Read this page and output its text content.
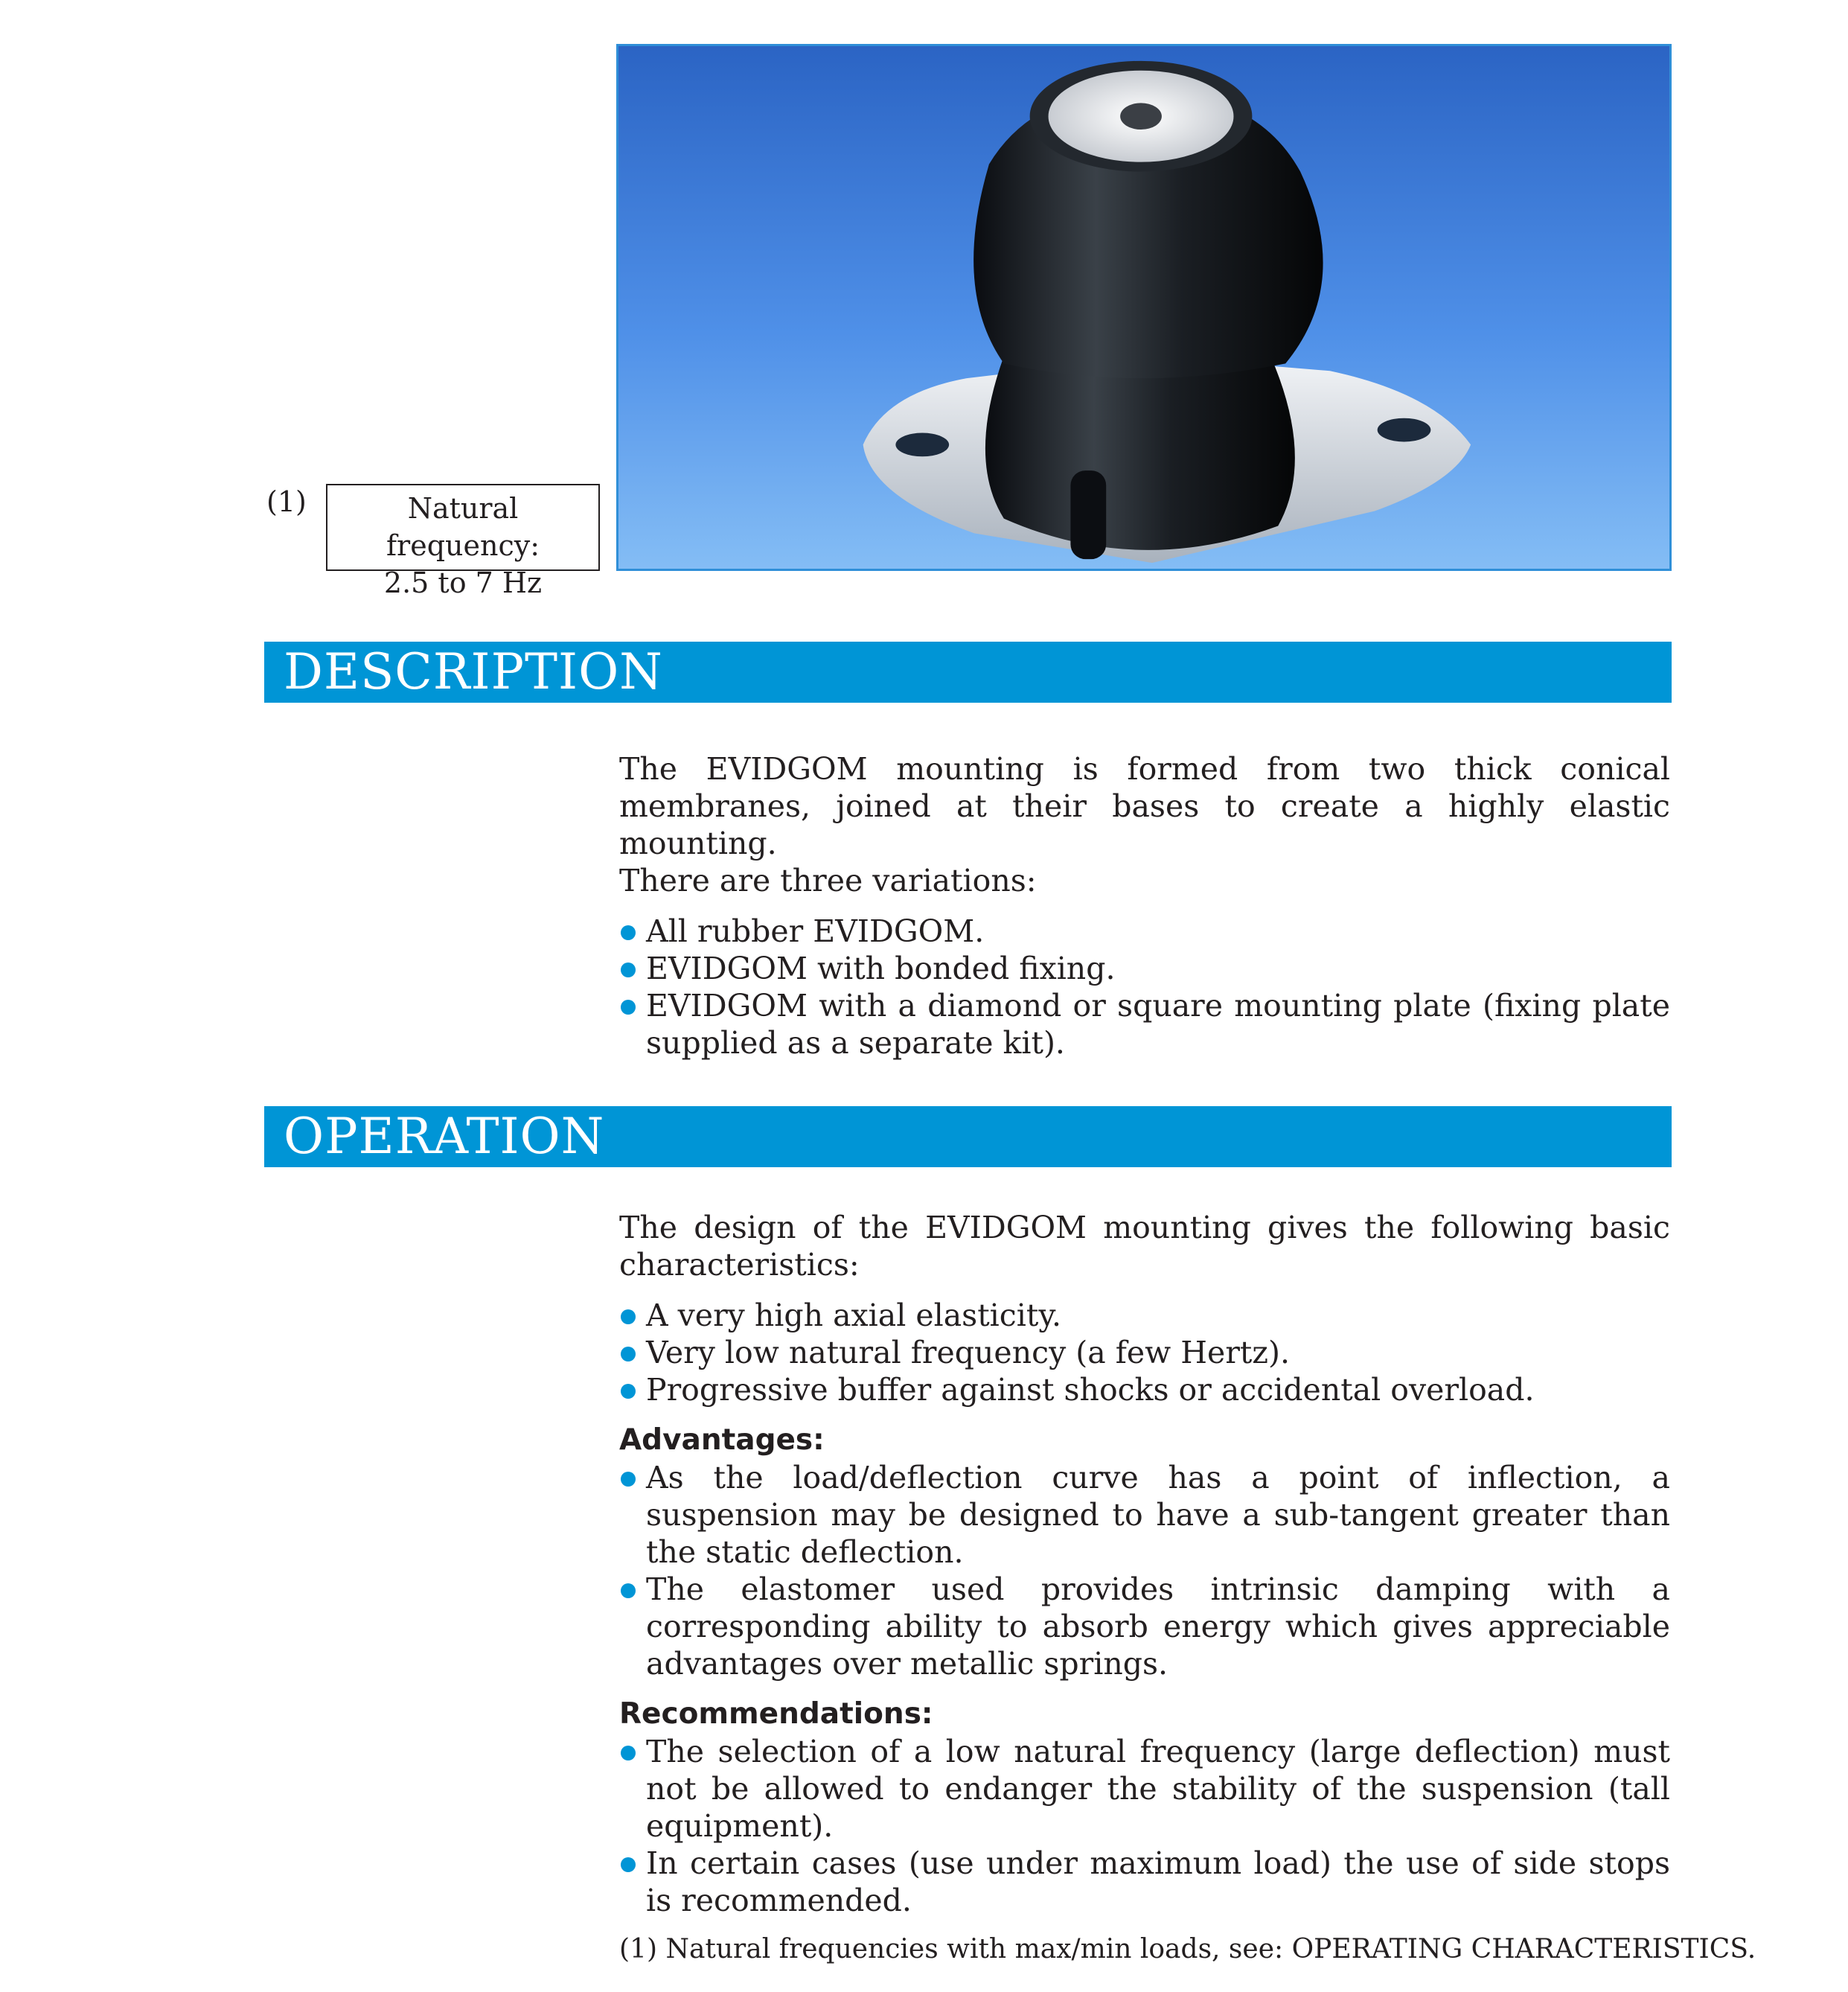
(1)	Natural frequency:
2.5 to 7 Hz
DESCRIPTION

The EVIDGOM mounting is formed from two thick conical membranes, joined at their bases to create a highly elastic mounting.

There are three variations:

All rubber EVIDGOM.
EVIDGOM with bonded fixing.
EVIDGOM with a diamond or square mounting plate (fixing plate supplied as a separate kit).
OPERATION

The design of the EVIDGOM mounting gives the following basic characteristics:

A very high axial elasticity.
Very low natural frequency (a few Hertz).
Progressive buffer against shocks or accidental overload.
Advantages:
As the load/deflection curve has a point of inflection, a suspension may be designed to have a sub-tangent greater than the static deflection.
The elastomer used provides intrinsic damping with a corresponding ability to absorb energy which gives appreciable advantages over metallic springs.
Recommendations:
The selection of a low natural frequency (large deflection) must not be allowed to endanger the stability of the suspension (tall equipment).
In certain cases (use under maximum load) the use of side stops is recommended.
(1) Natural frequencies with max/min loads, see: OPERATING CHARACTERISTICS.
